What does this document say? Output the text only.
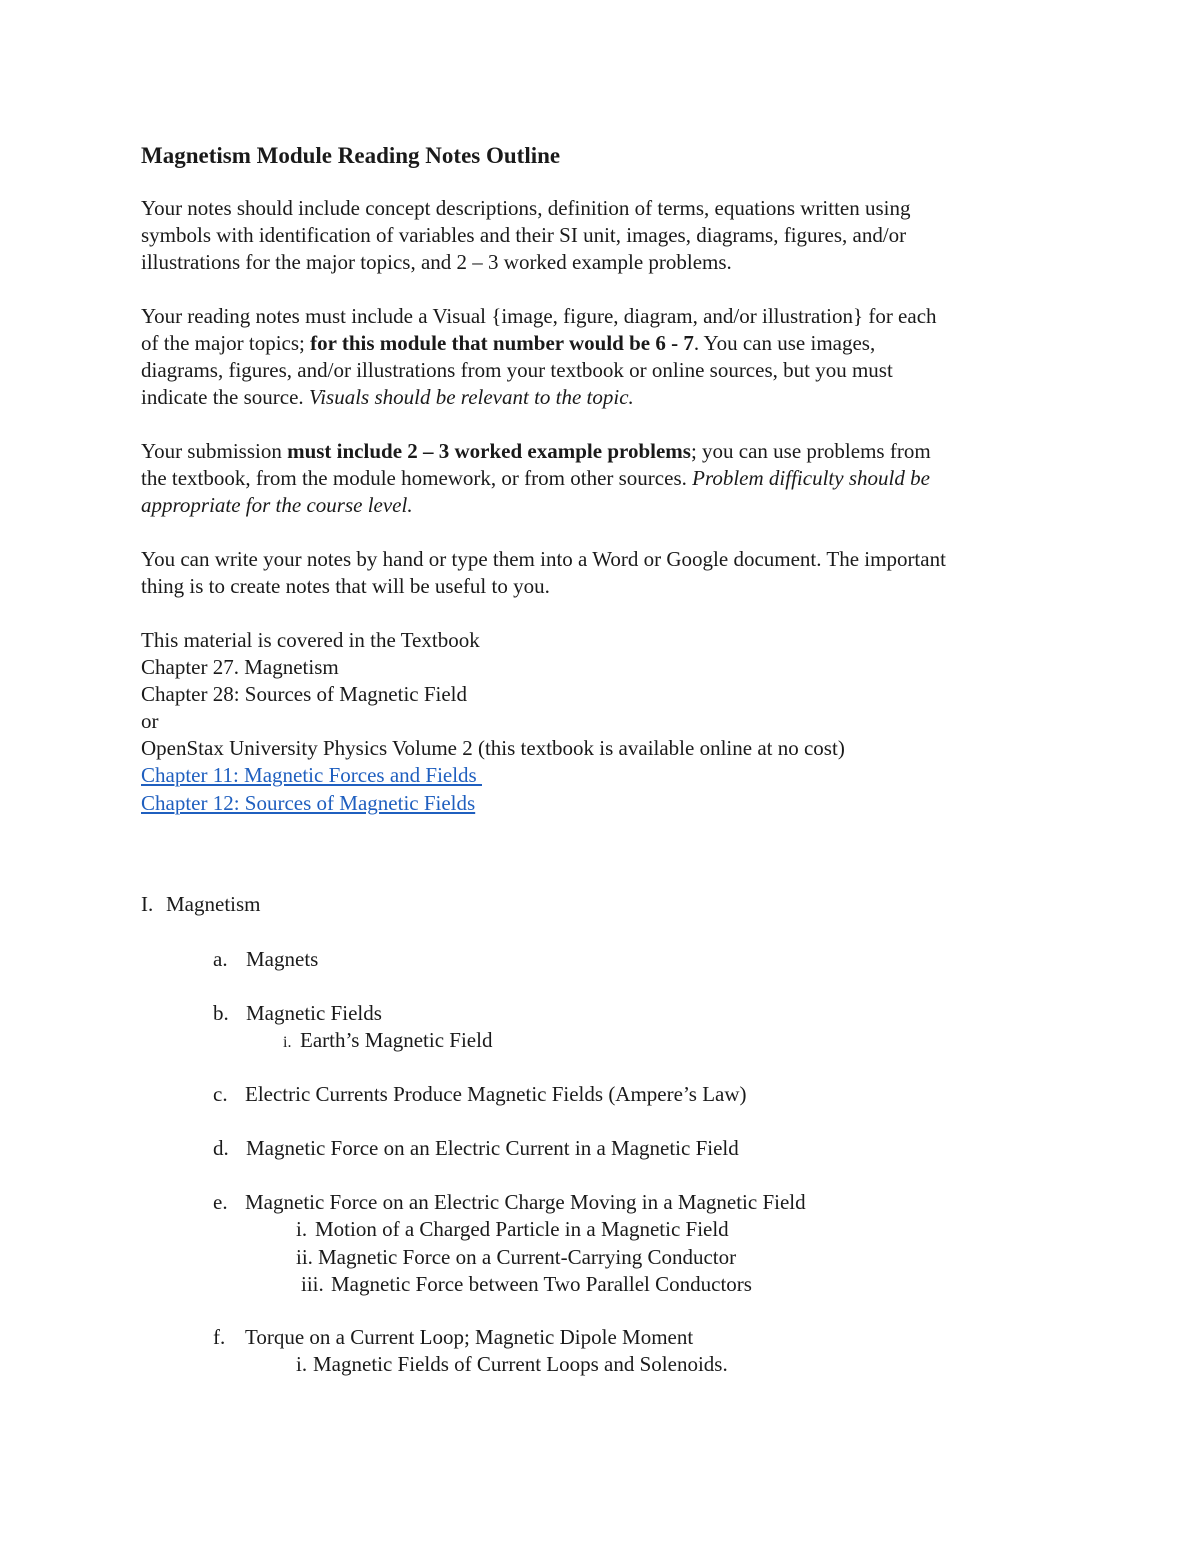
Magnetism Module Reading Notes Outline
Your notes should include concept descriptions, definition of terms, equations written using
symbols with identification of variables and their SI unit, images, diagrams, figures, and/or
illustrations for the major topics, and 2 – 3 worked example problems.
Your reading notes must include a Visual {image, figure, diagram, and/or illustration} for each
of the major topics; for this module that number would be 6 - 7. You can use images,
diagrams, figures, and/or illustrations from your textbook or online sources, but you must
indicate the source. Visuals should be relevant to the topic.
Your submission must include 2 – 3 worked example problems; you can use problems from
the textbook, from the module homework, or from other sources. Problem difficulty should be
appropriate for the course level.
You can write your notes by hand or type them into a Word or Google document. The important
thing is to create notes that will be useful to you.
This material is covered in the Textbook
Chapter 27. Magnetism
Chapter 28: Sources of Magnetic Field
or
OpenStax University Physics Volume 2 (this textbook is available online at no cost)
Chapter 11: Magnetic Forces and Fields
Chapter 12: Sources of Magnetic Fields
I. Magnetism
a. Magnets
b. Magnetic Fields
i. Earth’s Magnetic Field
c. Electric Currents Produce Magnetic Fields (Ampere’s Law)
d. Magnetic Force on an Electric Current in a Magnetic Field
e. Magnetic Force on an Electric Charge Moving in a Magnetic Field
i. Motion of a Charged Particle in a Magnetic Field
ii. Magnetic Force on a Current-Carrying Conductor
iii. Magnetic Force between Two Parallel Conductors
f. Torque on a Current Loop; Magnetic Dipole Moment
i. Magnetic Fields of Current Loops and Solenoids.
